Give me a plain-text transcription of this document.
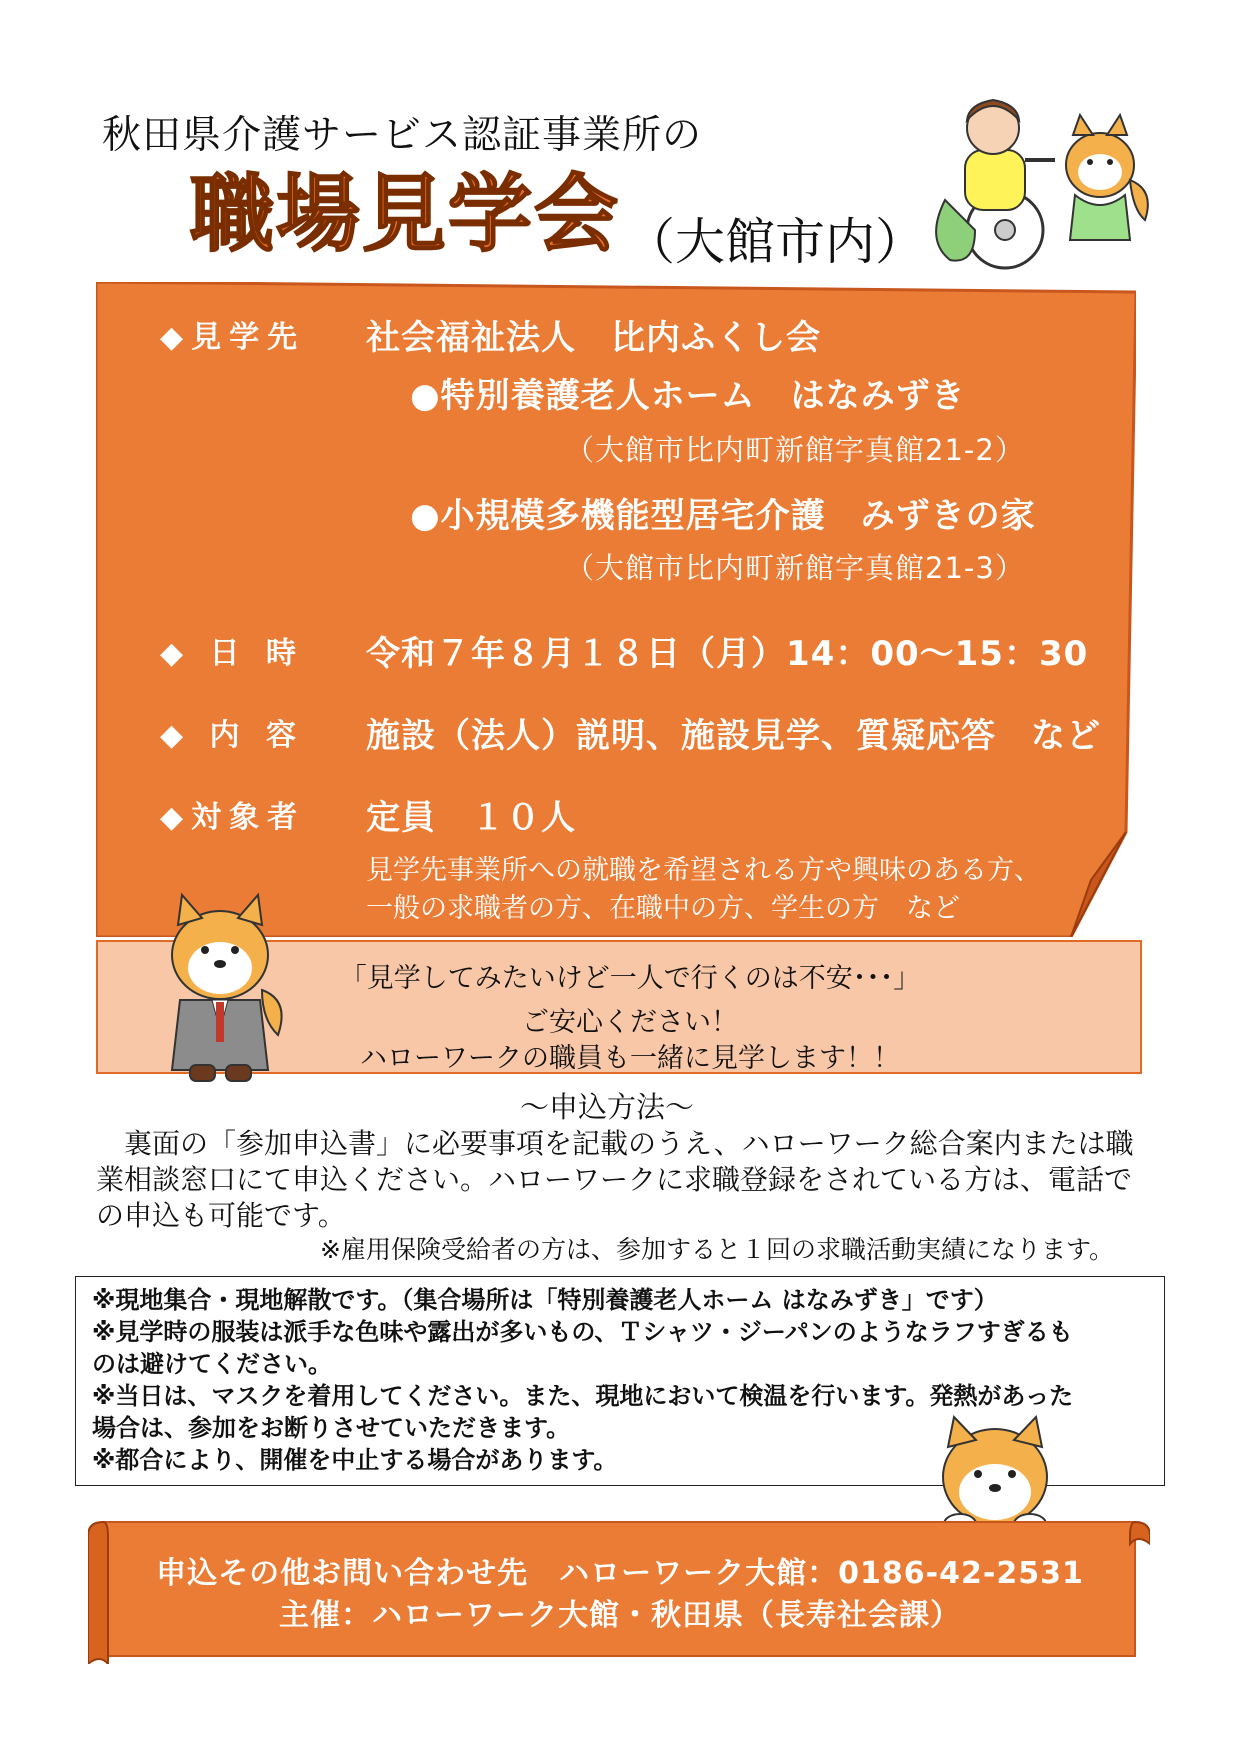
秋田県介護サービス認証事業所の
職場見学会 （大館市内）
◆見学先 社会福祉法人　比内ふくし会
●特別養護老人ホーム　はなみずき
（大館市比内町新館字真館21-2）
●小規模多機能型居宅介護　みずきの家
（大館市比内町新館字真館21-3）
◆ 日 時 令和７年８月１８日（月）14：00～15：30
◆ 内 容 施設（法人）説明、施設見学、質疑応答　など
◆対象者 定員　１０人
見学先事業所への就職を希望される方や興味のある方、
一般の求職者の方、在職中の方、学生の方　など
「見学してみたいけど一人で行くのは不安･･･」
ご安心ください！
ハローワークの職員も一緒に見学します！！
～申込方法～
　裏面の「参加申込書」に必要事項を記載のうえ、ハローワーク総合案内または職
業相談窓口にて申込ください。ハローワークに求職登録をされている方は、電話で
の申込も可能です。
※雇用保険受給者の方は、参加すると１回の求職活動実績になります。
※現地集合・現地解散です。（集合場所は「特別養護老人ホーム はなみずき」です）
※見学時の服装は派手な色味や露出が多いもの、Ｔシャツ・ジーパンのようなラフすぎるも
のは避けてください。
※当日は、マスクを着用してください。また、現地において検温を行います。発熱があった
場合は、参加をお断りさせていただきます。
※都合により、開催を中止する場合があります。
申込その他お問い合わせ先　ハローワーク大館：0186-42-2531
主催：ハローワーク大館・秋田県（長寿社会課）
